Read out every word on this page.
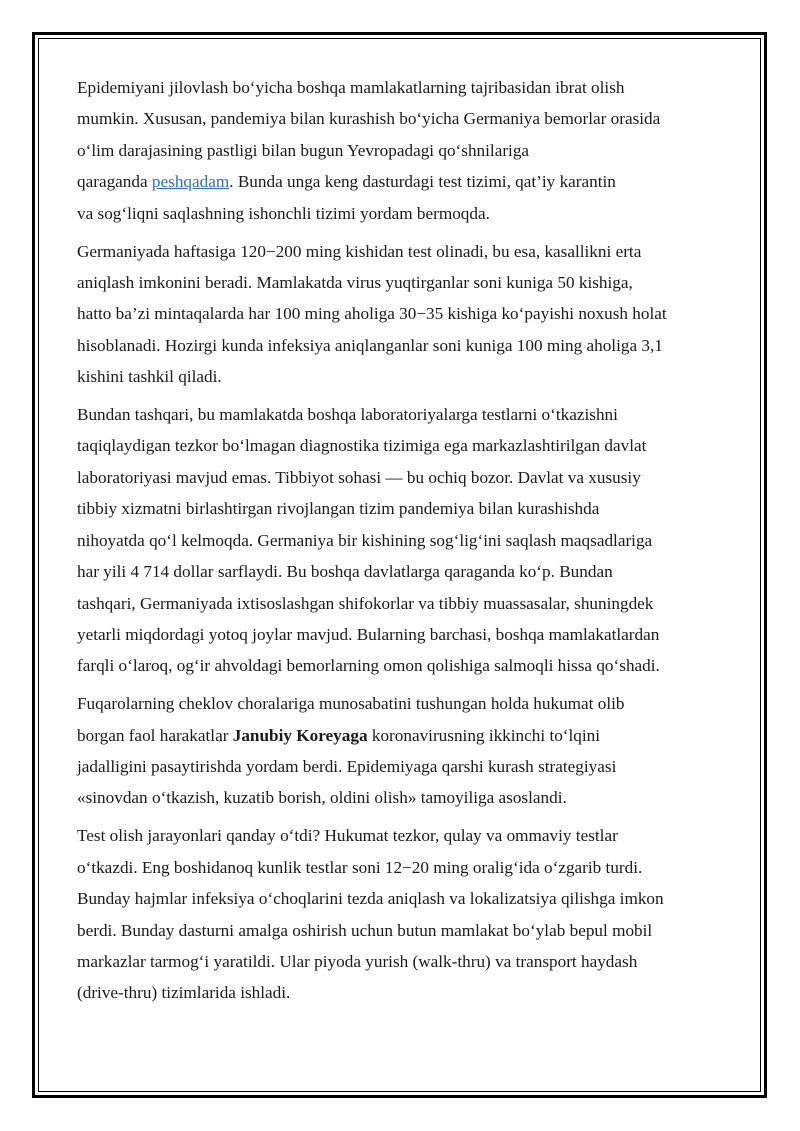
Epidemiyani jilovlash bo‘yicha boshqa mamlakatlarning tajribasidan ibrat olish
mumkin. Xususan, pandemiya bilan kurashish bo‘yicha Germaniya bemorlar orasida
o‘lim darajasining pastligi bilan bugun Yevropadagi qo‘shnilariga
qaraganda peshqadam. Bunda unga keng dasturdagi test tizimi, qat’iy karantin
va sog‘liqni saqlashning ishonchli tizimi yordam bermoqda.

Germaniyada haftasiga 120−200 ming kishidan test olinadi, bu esa, kasallikni erta
aniqlash imkonini beradi. Mamlakatda virus yuqtirganlar soni kuniga 50 kishiga,
hatto ba’zi mintaqalarda har 100 ming aholiga 30−35 kishiga ko‘payishi noxush holat
hisoblanadi. Hozirgi kunda infeksiya aniqlanganlar soni kuniga 100 ming aholiga 3,1
kishini tashkil qiladi.

Bundan tashqari, bu mamlakatda boshqa laboratoriyalarga testlarni o‘tkazishni
taqiqlaydigan tezkor bo‘lmagan diagnostika tizimiga ega markazlashtirilgan davlat
laboratoriyasi mavjud emas. Tibbiyot sohasi — bu ochiq bozor. Davlat va xususiy
tibbiy xizmatni birlashtirgan rivojlangan tizim pandemiya bilan kurashishda
nihoyatda qo‘l kelmoqda. Germaniya bir kishining sog‘lig‘ini saqlash maqsadlariga
har yili 4 714 dollar sarflaydi. Bu boshqa davlatlarga qaraganda ko‘p. Bundan
tashqari, Germaniyada ixtisoslashgan shifokorlar va tibbiy muassasalar, shuningdek
yetarli miqdordagi yotoq joylar mavjud. Bularning barchasi, boshqa mamlakatlardan
farqli o‘laroq, og‘ir ahvoldagi bemorlarning omon qolishiga salmoqli hissa qo‘shadi.

Fuqarolarning cheklov choralariga munosabatini tushungan holda hukumat olib
borgan faol harakatlar Janubiy Koreyaga koronavirusning ikkinchi to‘lqini
jadalligini pasaytirishda yordam berdi. Epidemiyaga qarshi kurash strategiyasi
«sinovdan o‘tkazish, kuzatib borish, oldini olish» tamoyiliga asoslandi.

Test olish jarayonlari qanday o‘tdi? Hukumat tezkor, qulay va ommaviy testlar
o‘tkazdi. Eng boshidanoq kunlik testlar soni 12−20 ming oralig‘ida o‘zgarib turdi.
Bunday hajmlar infeksiya o‘choqlarini tezda aniqlash va lokalizatsiya qilishga imkon
berdi. Bunday dasturni amalga oshirish uchun butun mamlakat bo‘ylab bepul mobil
markazlar tarmog‘i yaratildi. Ular piyoda yurish (walk-thru) va transport haydash
(drive-thru) tizimlarida ishladi.
